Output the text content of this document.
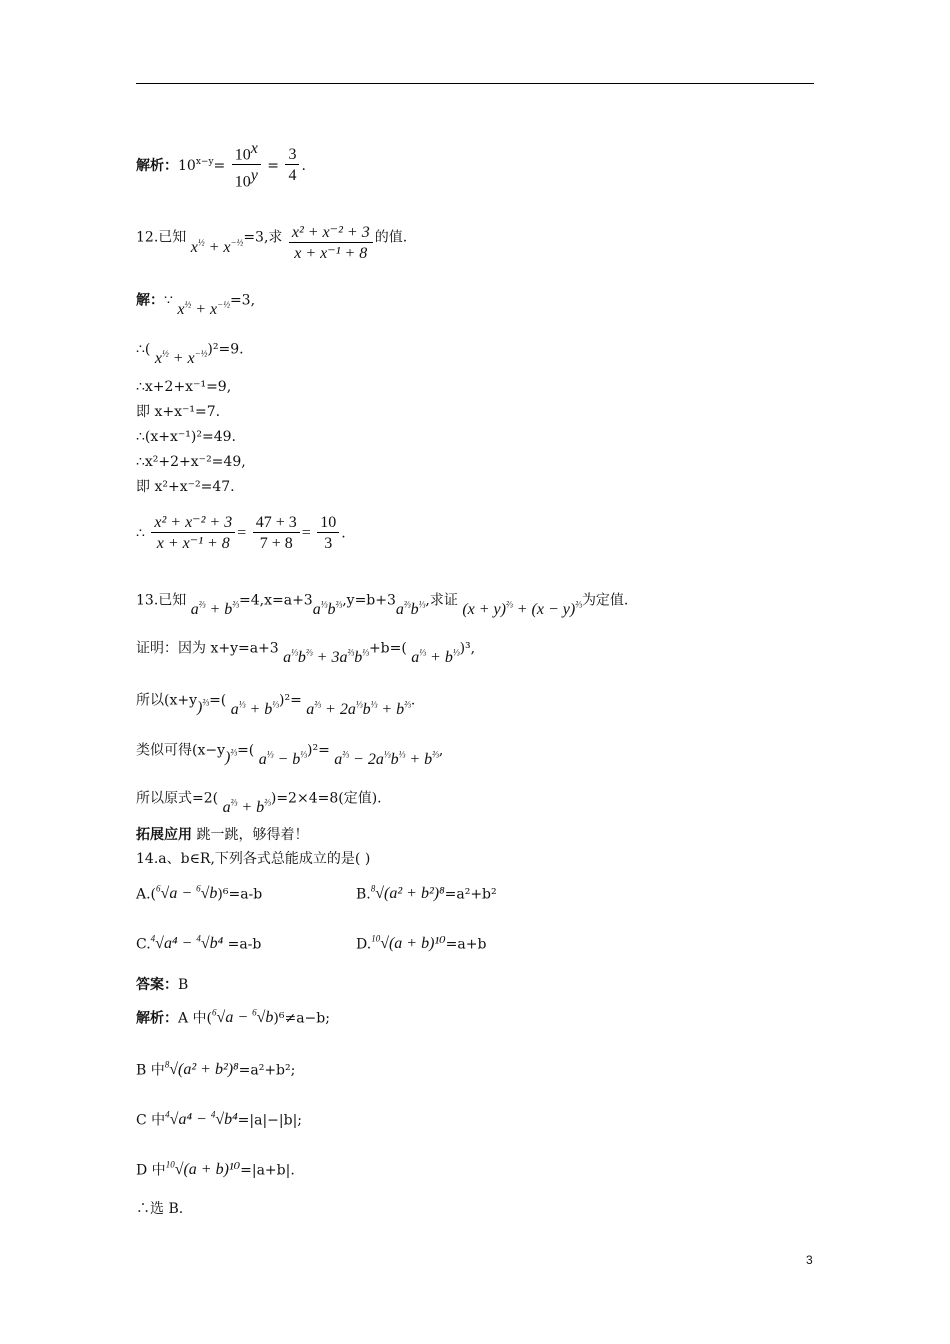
解析：$10^{x-y}= \frac{10^x}{10^y} = \frac{3}{4}$ .
12.已知 $x^{\frac{1}{2}} + x^{-\frac{1}{2}}=3$,求 $\frac{\text{x² + x⁻² + 3}}{\text{x + x⁻¹ + 8}}$ 的值.
解：∵ $x^{\frac{1}{2}} + x^{-\frac{1}{2}}=3$,
∴( $x^{\frac{1}{2}} + x^{-\frac{1}{2}})^2=9$.
∴x+2+x⁻¹=9,
即 x+x⁻¹=7.
∴(x+x⁻¹)²=49.
∴x²+2+x⁻²=49,
即 x²+x⁻²=47.
∴ $\frac{\text{x² + x⁻² + 3}}{\text{x + x⁻¹ + 8}} = \frac{47 + 3}{7 + 8} = \frac{10}{3}$ .
13.已知 $a^{\frac{2}{3}} + b^{\frac{2}{3}}=4,x=a+3a^{\frac{1}{3}}b^{\frac{2}{3}},y=b+3a^{\frac{2}{3}}b^{\frac{1}{3}}$,求证 $(x + y)^{\frac{2}{3}} + (x - y)^{\frac{2}{3}}$为定值.
证明：因为 x+y=a+3 $a^{\frac{1}{3}}b^{\frac{2}{3}} + 3a^{\frac{2}{3}}b^{\frac{1}{3}}+b=$( $a^{\frac{1}{3}} + b^{\frac{1}{3}})^3$,
所以$(x+y)^{\frac{2}{3}}=$( $a^{\frac{1}{3}} + b^{\frac{1}{3}})^2= a^{\frac{2}{3}} + 2a^{\frac{1}{3}}b^{\frac{1}{3}} + b^{\frac{2}{3}}$.
类似可得$(x-y)^{\frac{2}{3}}=$( $a^{\frac{1}{3}} - b^{\frac{1}{3}})^2= a^{\frac{2}{3}} - 2a^{\frac{1}{3}}b^{\frac{1}{3}} + b^{\frac{2}{3}}$,
所以原式=2( $a^{\frac{2}{3}} + b^{\frac{2}{3}})=2\times 4=8$(定值).
拓展应用 跳一跳，够得着！
14.a、b∈R,下列各式总能成立的是( )
A.($^6$√a − $^6$√b)⁶=a-b	B.$^8$√(a² + b²)⁸=a²+b²
C.$^4$√a⁴ − $^4$√b⁴ =a-b	D.$^{10}$√(a + b)¹⁰=a+b
答案：B
解析：A 中($^6$√a − $^6$√b)⁶≠a−b;
B 中$^8$√(a² + b²)⁸=a²+b²;
C 中$^4$√a⁴ − $^4$√b⁴=|a|−|b|;
D 中$^{10}$√(a + b)¹⁰=|a+b|.
∴选 B.
3
